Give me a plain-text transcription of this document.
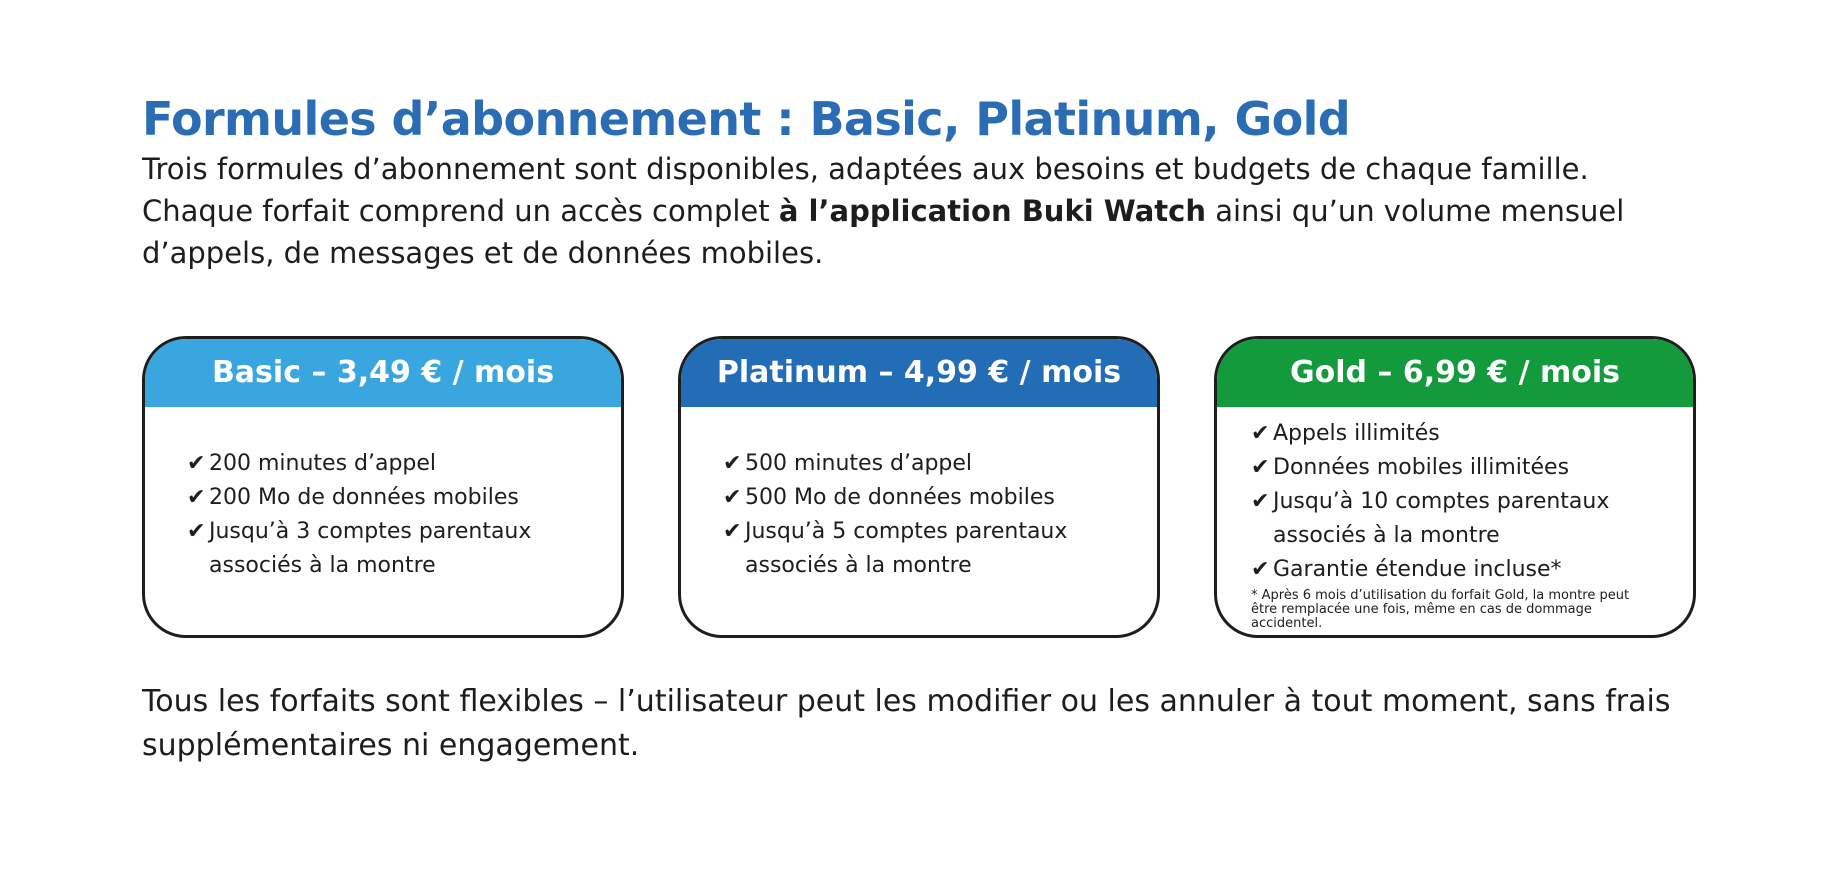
Formules d’abonnement : Basic, Platinum, Gold

Trois formules d’abonnement sont disponibles, adaptées aux besoins et budgets de chaque famille. Chaque forfait comprend un accès complet à l’application Buki Watch ainsi qu’un volume mensuel d’appels, de messages et de données mobiles.

Basic – 3,49 € / mois
✔ 200 minutes d’appel
✔ 200 Mo de données mobiles
✔ Jusqu’à 3 comptes parentaux
associés à la montre
Platinum – 4,99 € / mois
✔ 500 minutes d’appel
✔ 500 Mo de données mobiles
✔ Jusqu’à 5 comptes parentaux
associés à la montre
Gold – 6,99 € / mois
✔ Appels illimités
✔ Données mobiles illimitées
✔ Jusqu’à 10 comptes parentaux
associés à la montre
✔ Garantie étendue incluse*

* Après 6 mois d’utilisation du forfait Gold, la montre peut être remplacée une fois, même en cas de dommage accidentel.

Tous les forfaits sont flexibles – l’utilisateur peut les modifier ou les annuler à tout moment, sans frais supplémentaires ni engagement.
